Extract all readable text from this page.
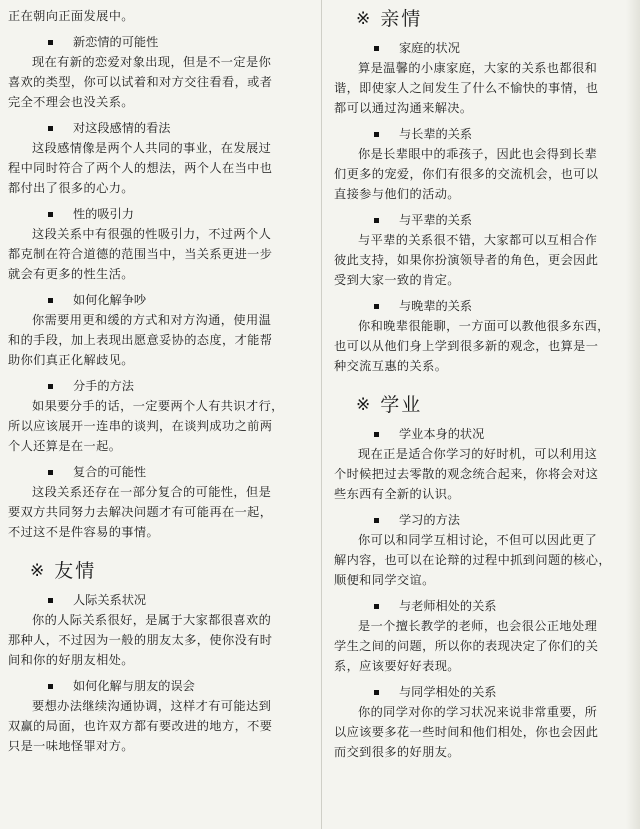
正在朝向正面发展中。
新恋情的可能性
现在有新的恋爱对象出现，但是不一定是你
喜欢的类型，你可以试着和对方交往看看，或者
完全不理会也没关系。
对这段感情的看法
这段感情像是两个人共同的事业，在发展过
程中同时符合了两个人的想法，两个人在当中也
都付出了很多的心力。
性的吸引力
这段关系中有很强的性吸引力，不过两个人
都克制在符合道德的范围当中，当关系更进一步
就会有更多的性生活。
如何化解争吵
你需要用更和缓的方式和对方沟通，使用温
和的手段，加上表现出愿意妥协的态度，才能帮
助你们真正化解歧见。
分手的方法
如果要分手的话，一定要两个人有共识才行，
所以应该展开一连串的谈判，在谈判成功之前两
个人还算是在一起。
复合的可能性
这段关系还存在一部分复合的可能性，但是
要双方共同努力去解决问题才有可能再在一起，
不过这不是件容易的事情。
※ 友情
人际关系状况
你的人际关系很好，是属于大家都很喜欢的
那种人，不过因为一般的朋友太多，使你没有时
间和你的好朋友相处。
如何化解与朋友的误会
要想办法继续沟通协调，这样才有可能达到
双赢的局面，也许双方都有要改进的地方，不要
只是一味地怪罪对方。
※ 亲情
家庭的状况
算是温馨的小康家庭，大家的关系也都很和
谐，即使家人之间发生了什么不愉快的事情，也
都可以通过沟通来解决。
与长辈的关系
你是长辈眼中的乖孩子，因此也会得到长辈
们更多的宠爱，你们有很多的交流机会，也可以
直接参与他们的活动。
与平辈的关系
与平辈的关系很不错，大家都可以互相合作
彼此支持，如果你扮演领导者的角色，更会因此
受到大家一致的肯定。
与晚辈的关系
你和晚辈很能聊，一方面可以教他很多东西，
也可以从他们身上学到很多新的观念，也算是一
种交流互惠的关系。
※ 学业
学业本身的状况
现在正是适合你学习的好时机，可以利用这
个时候把过去零散的观念统合起来，你将会对这
些东西有全新的认识。
学习的方法
你可以和同学互相讨论，不但可以因此更了
解内容，也可以在论辩的过程中抓到问题的核心，
顺便和同学交谊。
与老师相处的关系
是一个擅长教学的老师，也会很公正地处理
学生之间的问题，所以你的表现决定了你们的关
系，应该要好好表现。
与同学相处的关系
你的同学对你的学习状况来说非常重要，所
以应该要多花一些时间和他们相处，你也会因此
而交到很多的好朋友。
